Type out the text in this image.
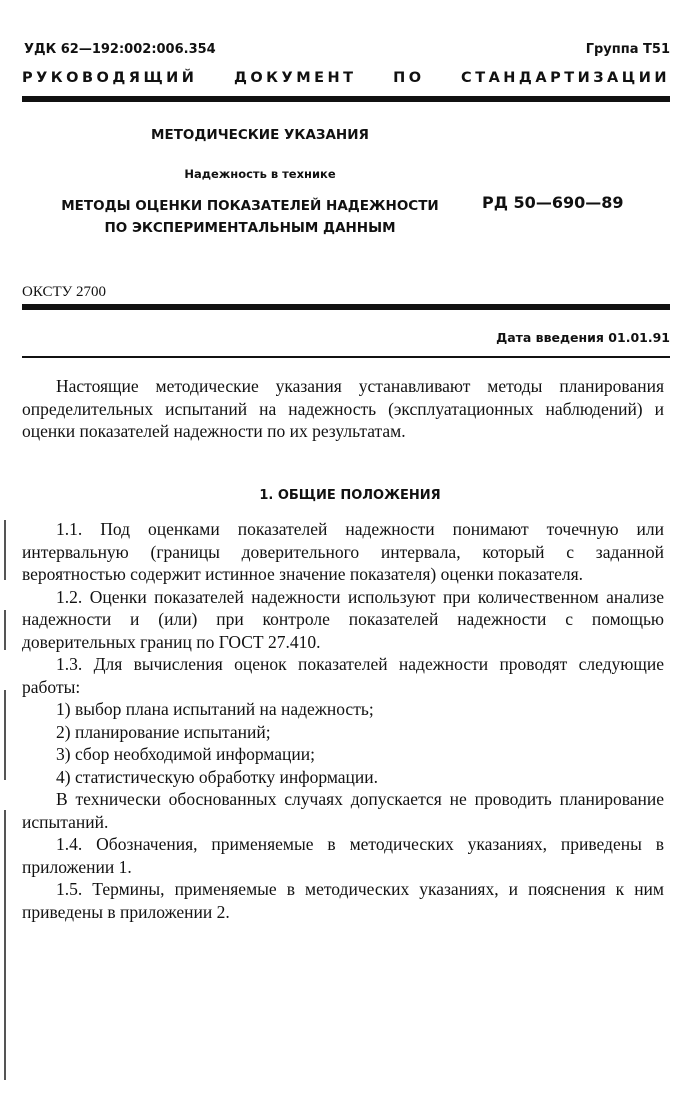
УДК 62—192:002:006.354	Группа Т51
РУКОВОДЯЩИЙ	ДОКУМЕНТ	ПО	СТАНДАРТИЗАЦИИ
МЕТОДИЧЕСКИЕ УКАЗАНИЯ
Надежность в технике
МЕТОДЫ ОЦЕНКИ ПОКАЗАТЕЛЕЙ НАДЕЖНОСТИ
ПО ЭКСПЕРИМЕНТАЛЬНЫМ ДАННЫМ
РД 50—690—89
ОКСТУ 2700
Дата введения 01.01.91

Настоящие методические указания устанавливают методы планирования определительных испытаний на надежность (эксплуатационных наблюдений) и оценки показателей надежности по их результатам.

1. ОБЩИЕ ПОЛОЖЕНИЯ

1.1. Под оценками показателей надежности понимают точечную или интервальную (границы доверительного интервала, который с заданной вероятностью содержит истинное значение показателя) оценки показателя.

1.2. Оценки показателей надежности используют при количественном анализе надежности и (или) при контроле показателей надежности с помощью доверительных границ по ГОСТ 27.410.

1.3. Для вычисления оценок показателей надежности проводят следующие работы:

1) выбор плана испытаний на надежность;
2) планирование испытаний;
3) сбор необходимой информации;
4) статистическую обработку информации.

В технически обоснованных случаях допускается не проводить планирование испытаний.

1.4. Обозначения, применяемые в методических указаниях, приведены в приложении 1.

1.5. Термины, применяемые в методических указаниях, и пояснения к ним приведены в приложении 2.
